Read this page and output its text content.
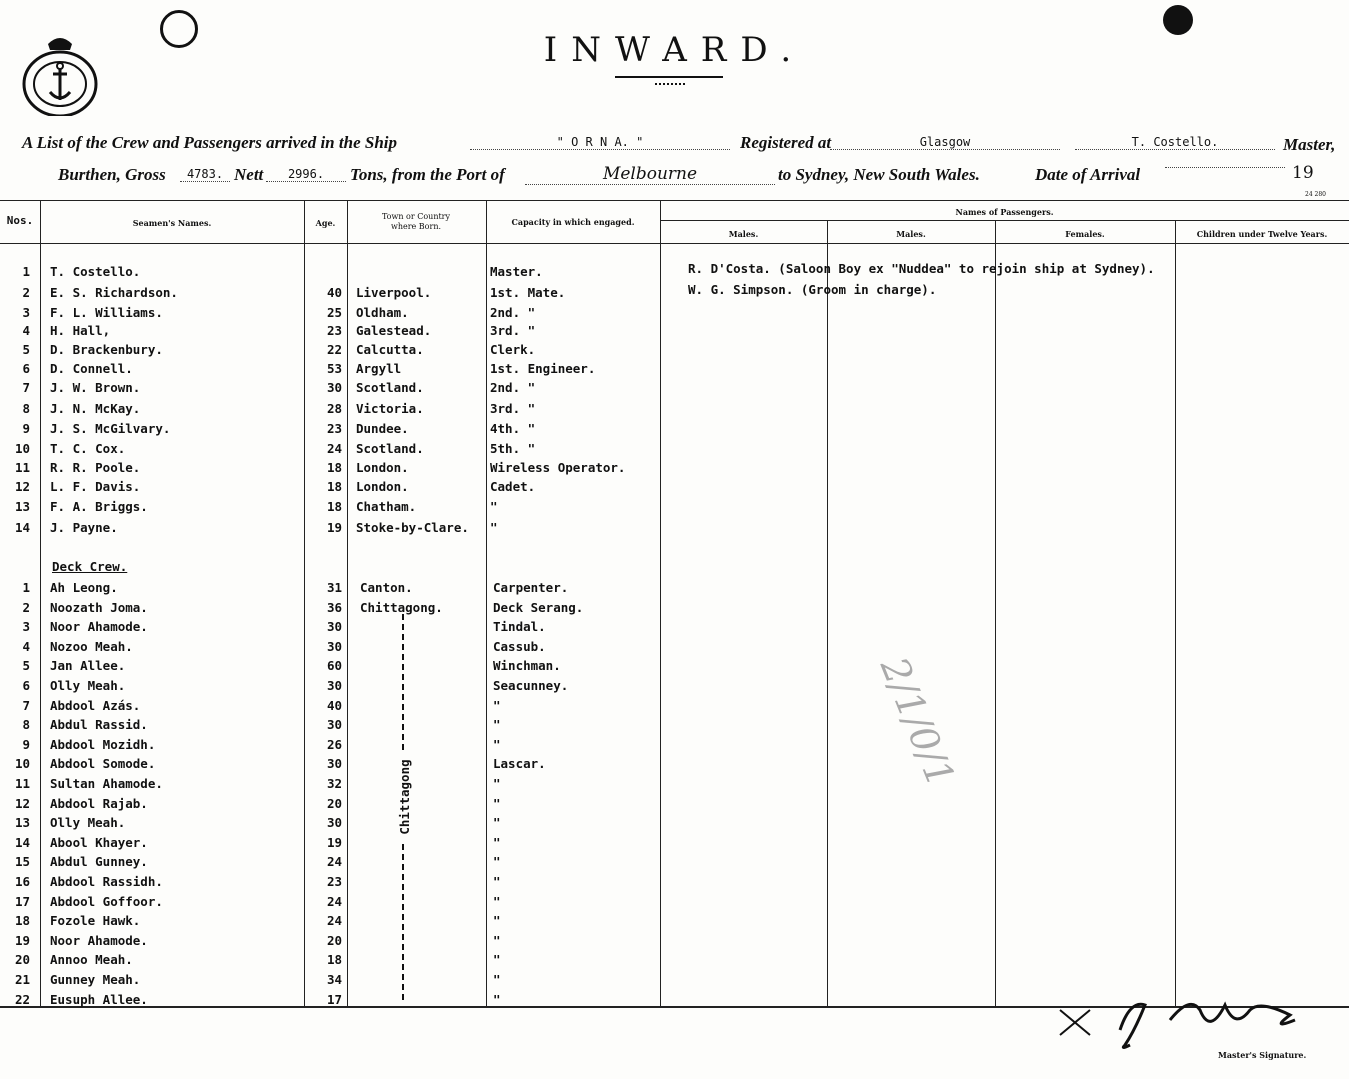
INWARD.
A List of the Crew and Passengers arrived in the Ship	" O R N A. "	Registered at	Glasgow	T. Costello.	Master,
Burthen, Gross	4783. Nett	2996.	Tons, from the Port of	Melbourne	to Sydney, New South Wales.	Date of Arrival	19
24 280
Nos.	Seamen's Names.	Age.
Town or Country where Born.	Capacity in which engaged.
Names of Passengers.
Males.	Males.	Females.	Children under Twelve Years.
1 T. Costello.	Master.
2 E. S. Richardson.	40 Liverpool.	1st. Mate.
3 F. L. Williams.	25 Oldham.	2nd. "
4 H. Hall,	23 Galestead.	3rd. "
5 D. Brackenbury.	22 Calcutta.	Clerk.
6 D. Connell.	53 Argyll	1st. Engineer.
7 J. W. Brown.	30 Scotland.	2nd. "
8 J. N. McKay.	28 Victoria.	3rd. "
9 J. S. McGilvary.	23 Dundee.	4th. "
10 T. C. Cox.	24 Scotland.	5th. "
11 R. R. Poole.	18 London.	Wireless Operator.
12 L. F. Davis.	18 London.	Cadet.
13 F. A. Briggs.	18 Chatham.	"
14 J. Payne.	19 Stoke-by-Clare. "
1 Ah Leong.	31 Canton.	Carpenter.
2 Noozath Joma.	36 Chittagong.	Deck Serang.
3 Noor Ahamode.	30	Tindal.
4 Nozoo Meah.	30	Cassub.
5 Jan Allee.	60	Winchman.
6 Olly Meah.	30	Seacunney.
7 Abdool Azás.	40	"
8 Abdul Rassid.	30	"
9 Abdool Mozidh.	26	"
10 Abdool Somode.	30	Lascar.
11 Sultan Ahamode.	32	"
12 Abdool Rajab.	20	"
13 Olly Meah.	30	"
14 Abool Khayer.	19	"
15 Abdul Gunney.	24	"
16 Abdool Rassidh.	23	"
17 Abdool Goffoor.	24	"
18 Fozole Hawk.	24	"
19 Noor Ahamode.	20	"
20 Annoo Meah.	18	"
21 Gunney Meah.	34	"
22 Eusuph Allee.	17	"
Deck Crew.
Chittagong
R. D'Costa. (Saloon Boy ex "Nuddea" to rejoin ship at Sydney).
W. G. Simpson. (Groom in charge).
2/1/0/1
Master's Signature.
